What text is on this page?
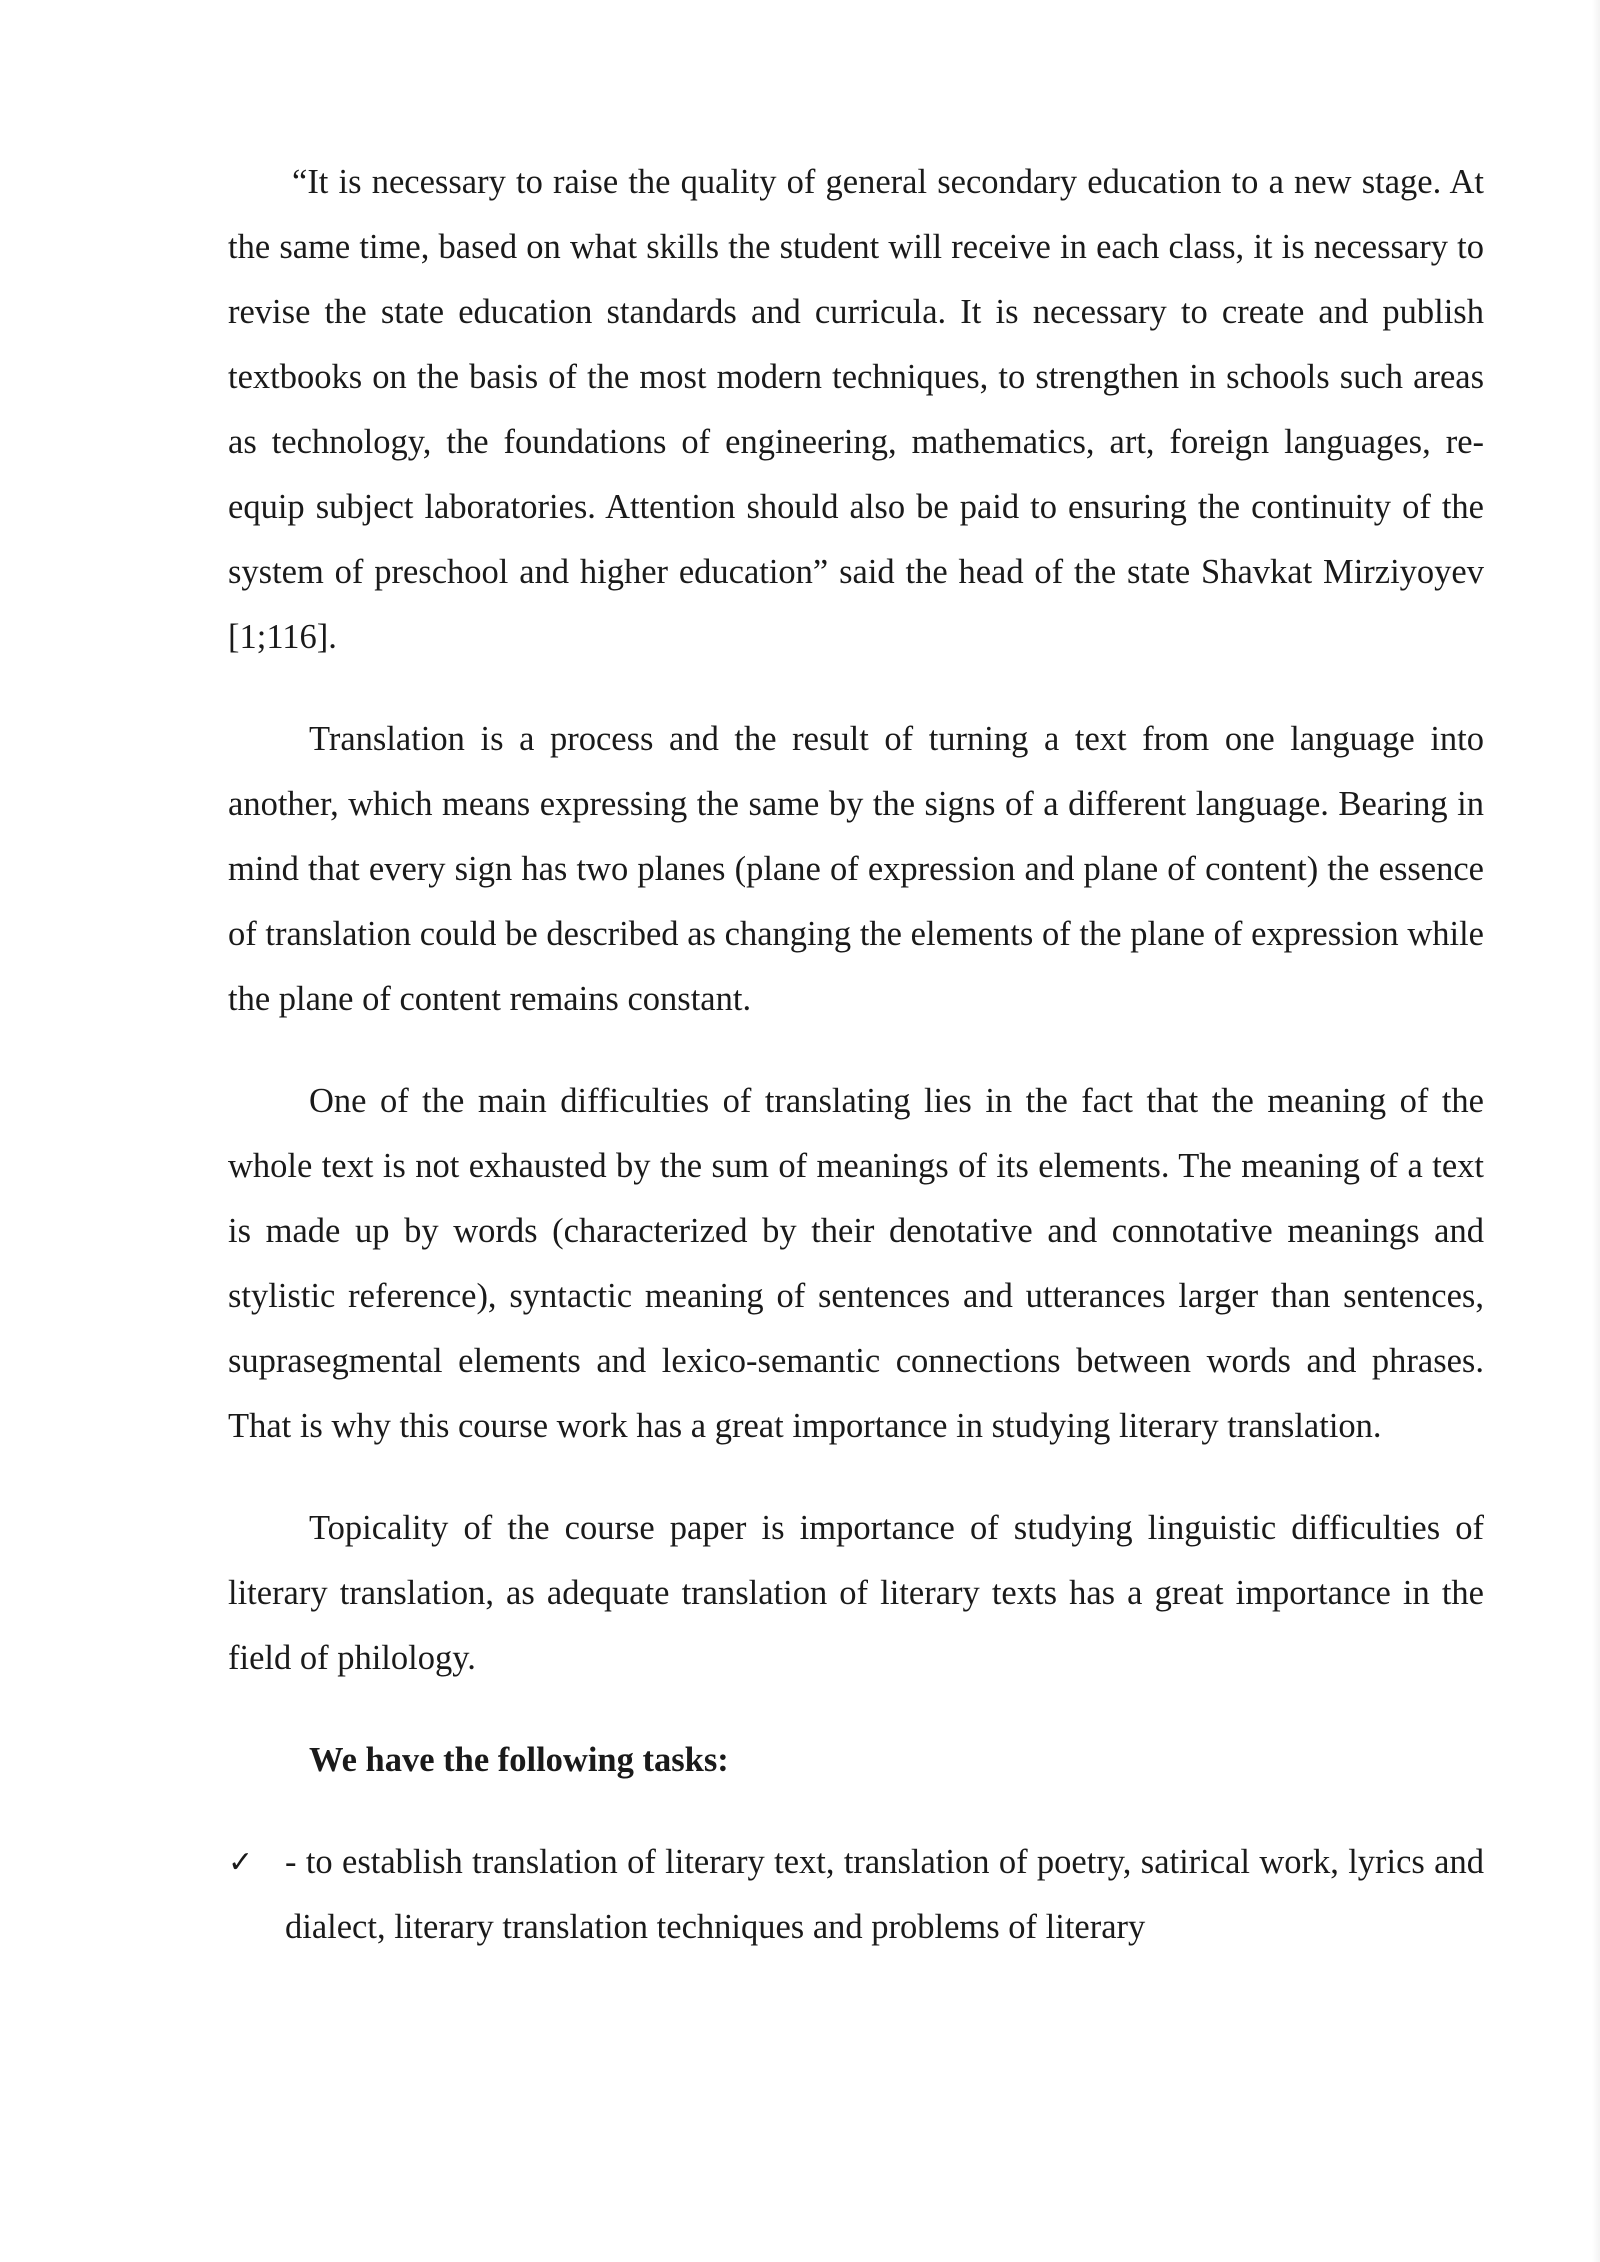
“It is necessary to raise the quality of general secondary education to a new stage. At the same time, based on what skills the student will receive in each class, it is necessary to revise the state education standards and curricula. It is necessary to create and publish textbooks on the basis of the most modern techniques, to strengthen in schools such areas as technology, the foundations of engineering, mathematics, art, foreign languages, re-equip subject laboratories. Attention should also be paid to ensuring the continuity of the system of preschool and higher education” said the head of the state Shavkat Mirziyoyev [1;116].

Translation is a process and the result of turning a text from one language into another, which means expressing the same by the signs of a different language. Bearing in mind that every sign has two planes (plane of expression and plane of content) the essence of translation could be described as changing the elements of the plane of expression while the plane of content remains constant.

One of the main difficulties of translating lies in the fact that the meaning of the whole text is not exhausted by the sum of meanings of its elements. The meaning of a text is made up by words (characterized by their denotative and connotative meanings and stylistic reference), syntactic meaning of sentences and utterances larger than sentences, suprasegmental elements and lexico-semantic connections between words and phrases. That is why this course work has a great importance in studying literary translation.

Topicality of the course paper is importance of studying linguistic difficulties of literary translation, as adequate translation of literary texts has a great importance in the field of philology.

We have the following tasks:

✓ - to establish translation of literary text, translation of poetry, satirical work, lyrics and dialect, literary translation techniques and problems of literary
